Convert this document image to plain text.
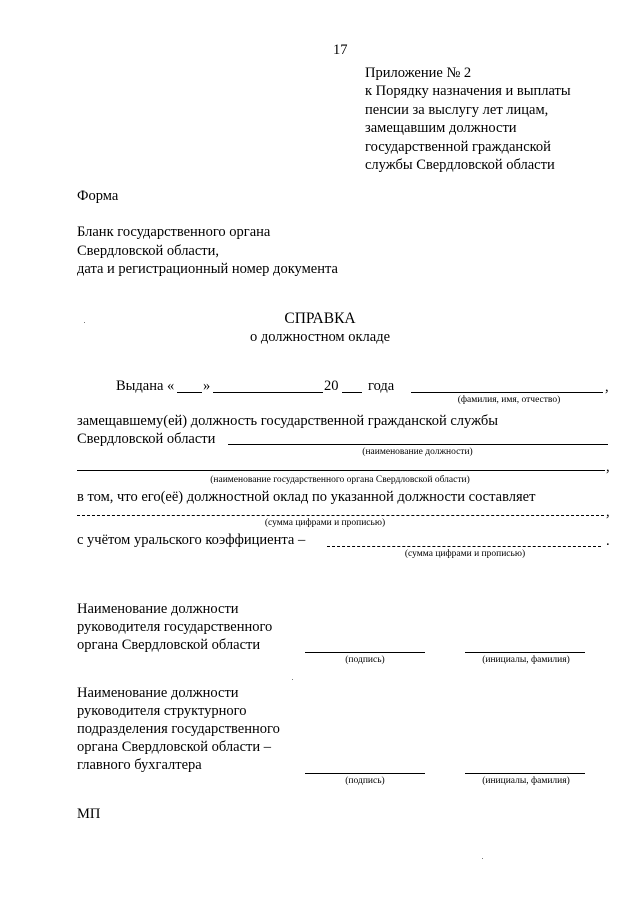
17
Приложение № 2
к Порядку назначения и выплаты
пенсии за выслугу лет лицам,
замещавшим должности
государственной гражданской
службы Свердловской области
Форма
Бланк государственного органа
Свердловской области,
дата и регистрационный номер документа
СПРАВКА
о должностном окладе
Выдана « »	20 года	,
(фамилия, имя, отчество)
замещавшему(ей) должность государственной гражданской службы
Свердловской области
(наименование должности)
,
(наименование государственного органа Свердловской области)
в том, что его(её) должностной оклад по указанной должности составляет
,
(сумма цифрами и прописью)
с учётом уральского коэффициента –	.
(сумма цифрами и прописью)
Наименование должности
руководителя государственного
органа Свердловской области
(подпись)	(инициалы, фамилия)
Наименование должности
руководителя структурного
подразделения государственного
органа Свердловской области –
главного бухгалтера
(подпись)	(инициалы, фамилия)
МП
